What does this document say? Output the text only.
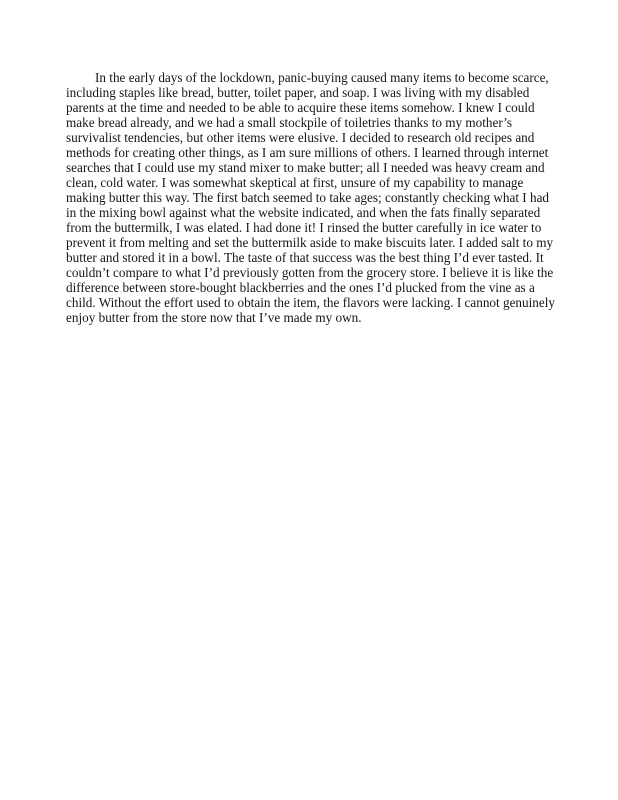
In the early days of the lockdown, panic-buying caused many items to become scarce, including staples like bread, butter, toilet paper, and soap. I was living with my disabled parents at the time and needed to be able to acquire these items somehow. I knew I could make bread already, and we had a small stockpile of toiletries thanks to my mother’s survivalist tendencies, but other items were elusive. I decided to research old recipes and methods for creating other things, as I am sure millions of others. I learned through internet searches that I could use my stand mixer to make butter; all I needed was heavy cream and clean, cold water. I was somewhat skeptical at first, unsure of my capability to manage making butter this way. The first batch seemed to take ages; constantly checking what I had in the mixing bowl against what the website indicated, and when the fats finally separated from the buttermilk, I was elated. I had done it! I rinsed the butter carefully in ice water to prevent it from melting and set the buttermilk aside to make biscuits later. I added salt to my butter and stored it in a bowl. The taste of that success was the best thing I’d ever tasted. It couldn’t compare to what I’d previously gotten from the grocery store. I believe it is like the difference between store-bought blackberries and the ones I’d plucked from the vine as a child. Without the effort used to obtain the item, the flavors were lacking. I cannot genuinely enjoy butter from the store now that I’ve made my own.
